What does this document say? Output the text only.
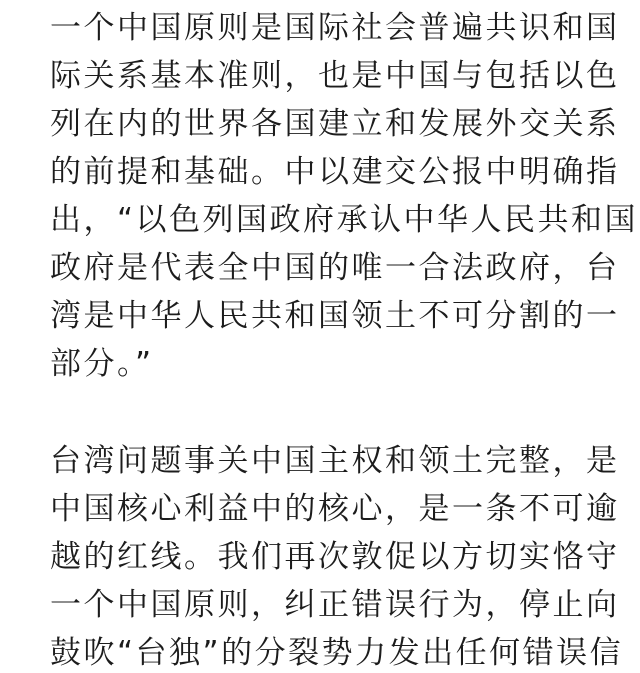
一个中国原则是国际社会普遍共识和国
际关系基本准则，也是中国与包括以色
列在内的世界各国建立和发展外交关系
的前提和基础。中以建交公报中明确指
出，“以色列国政府承认中华人民共和国
政府是代表全中国的唯一合法政府，台
湾是中华人民共和国领土不可分割的一
部分。”
台湾问题事关中国主权和领土完整，是
中国核心利益中的核心，是一条不可逾
越的红线。我们再次敦促以方切实恪守
一个中国原则，纠正错误行为，停止向
鼓吹“台独”的分裂势力发出任何错误信
